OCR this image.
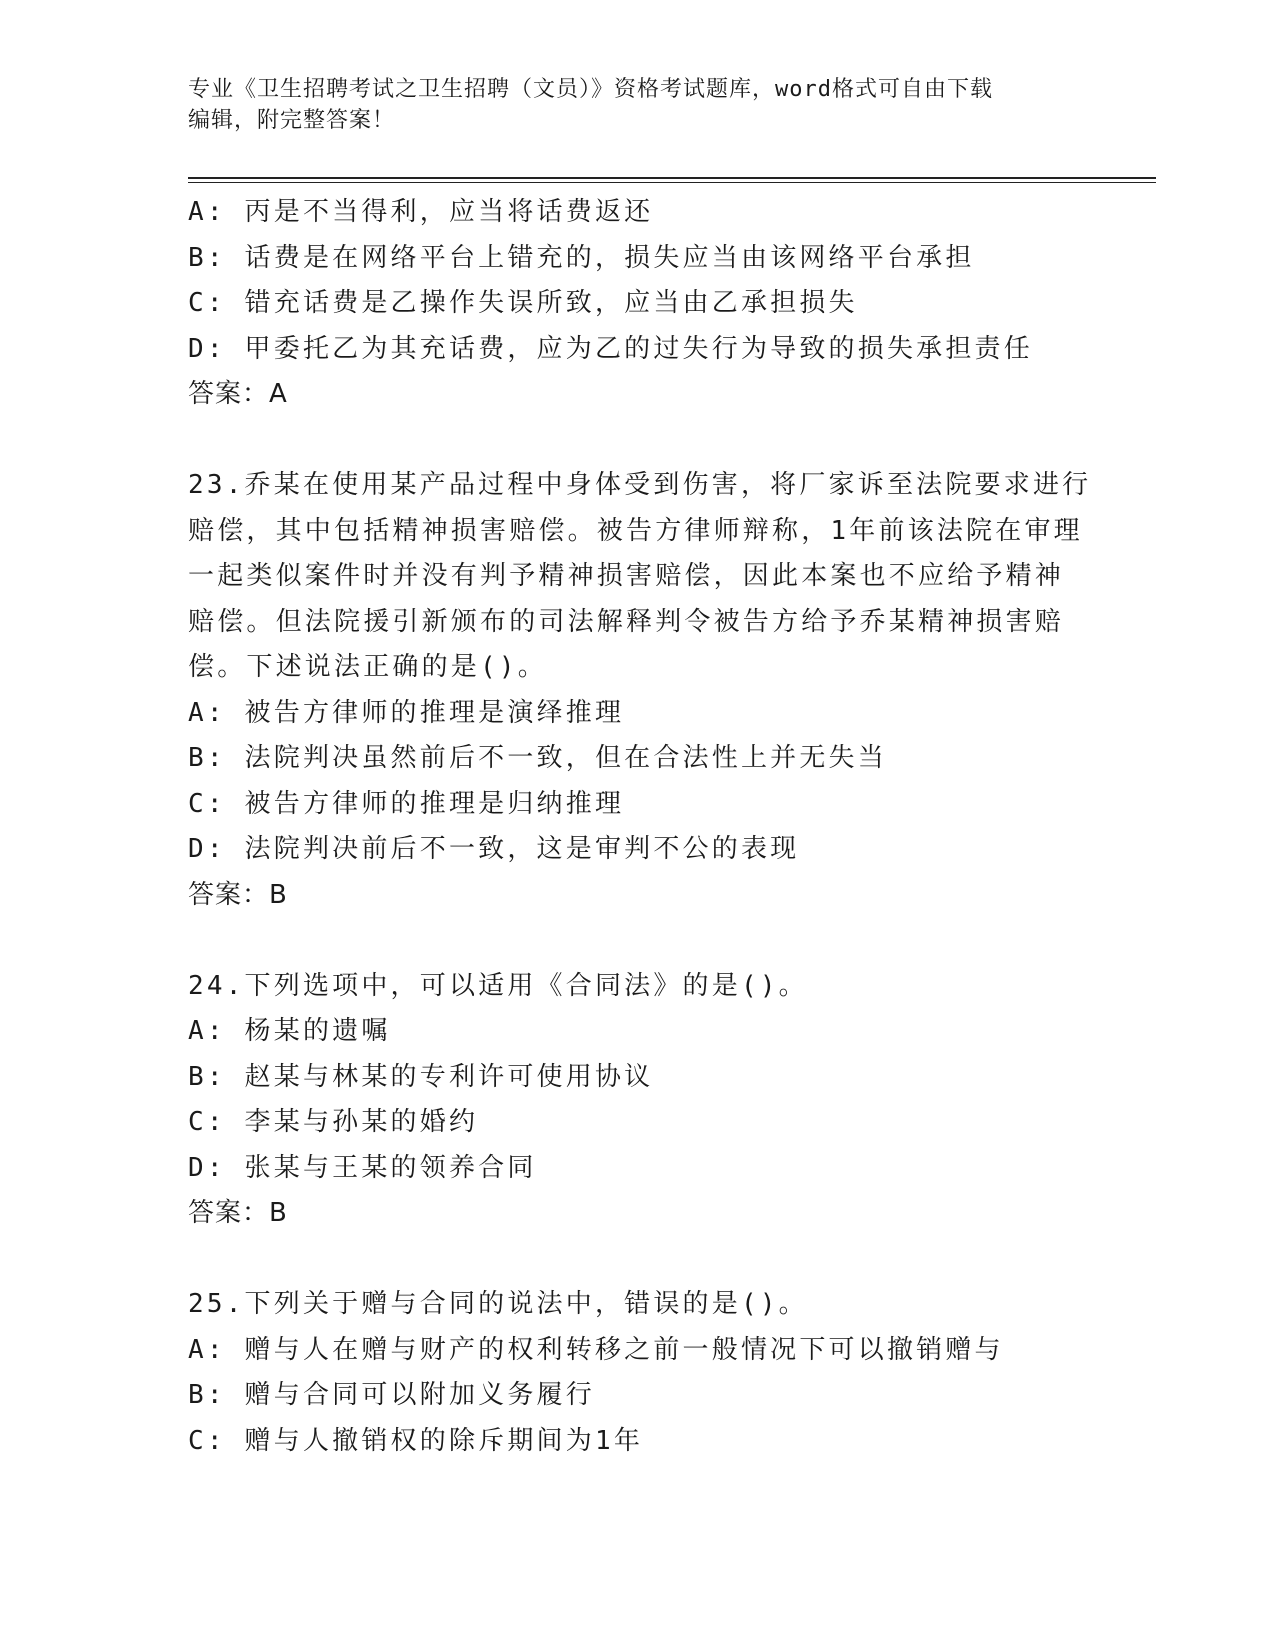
专业《卫生招聘考试之卫生招聘（文员）》资格考试题库，word格式可自由下载
编辑，附完整答案！
A: 丙是不当得利，应当将话费返还
B: 话费是在网络平台上错充的，损失应当由该网络平台承担
C: 错充话费是乙操作失误所致，应当由乙承担损失
D: 甲委托乙为其充话费，应为乙的过失行为导致的损失承担责任
答案：A
23.乔某在使用某产品过程中身体受到伤害，将厂家诉至法院要求进行
赔偿，其中包括精神损害赔偿。被告方律师辩称，1年前该法院在审理
一起类似案件时并没有判予精神损害赔偿，因此本案也不应给予精神
赔偿。但法院援引新颁布的司法解释判令被告方给予乔某精神损害赔
偿。下述说法正确的是()。
A: 被告方律师的推理是演绎推理
B: 法院判决虽然前后不一致，但在合法性上并无失当
C: 被告方律师的推理是归纳推理
D: 法院判决前后不一致，这是审判不公的表现
答案：B
24.下列选项中，可以适用《合同法》的是()。
A: 杨某的遗嘱
B: 赵某与林某的专利许可使用协议
C: 李某与孙某的婚约
D: 张某与王某的领养合同
答案：B
25.下列关于赠与合同的说法中，错误的是()。
A: 赠与人在赠与财产的权利转移之前一般情况下可以撤销赠与
B: 赠与合同可以附加义务履行
C: 赠与人撤销权的除斥期间为1年
